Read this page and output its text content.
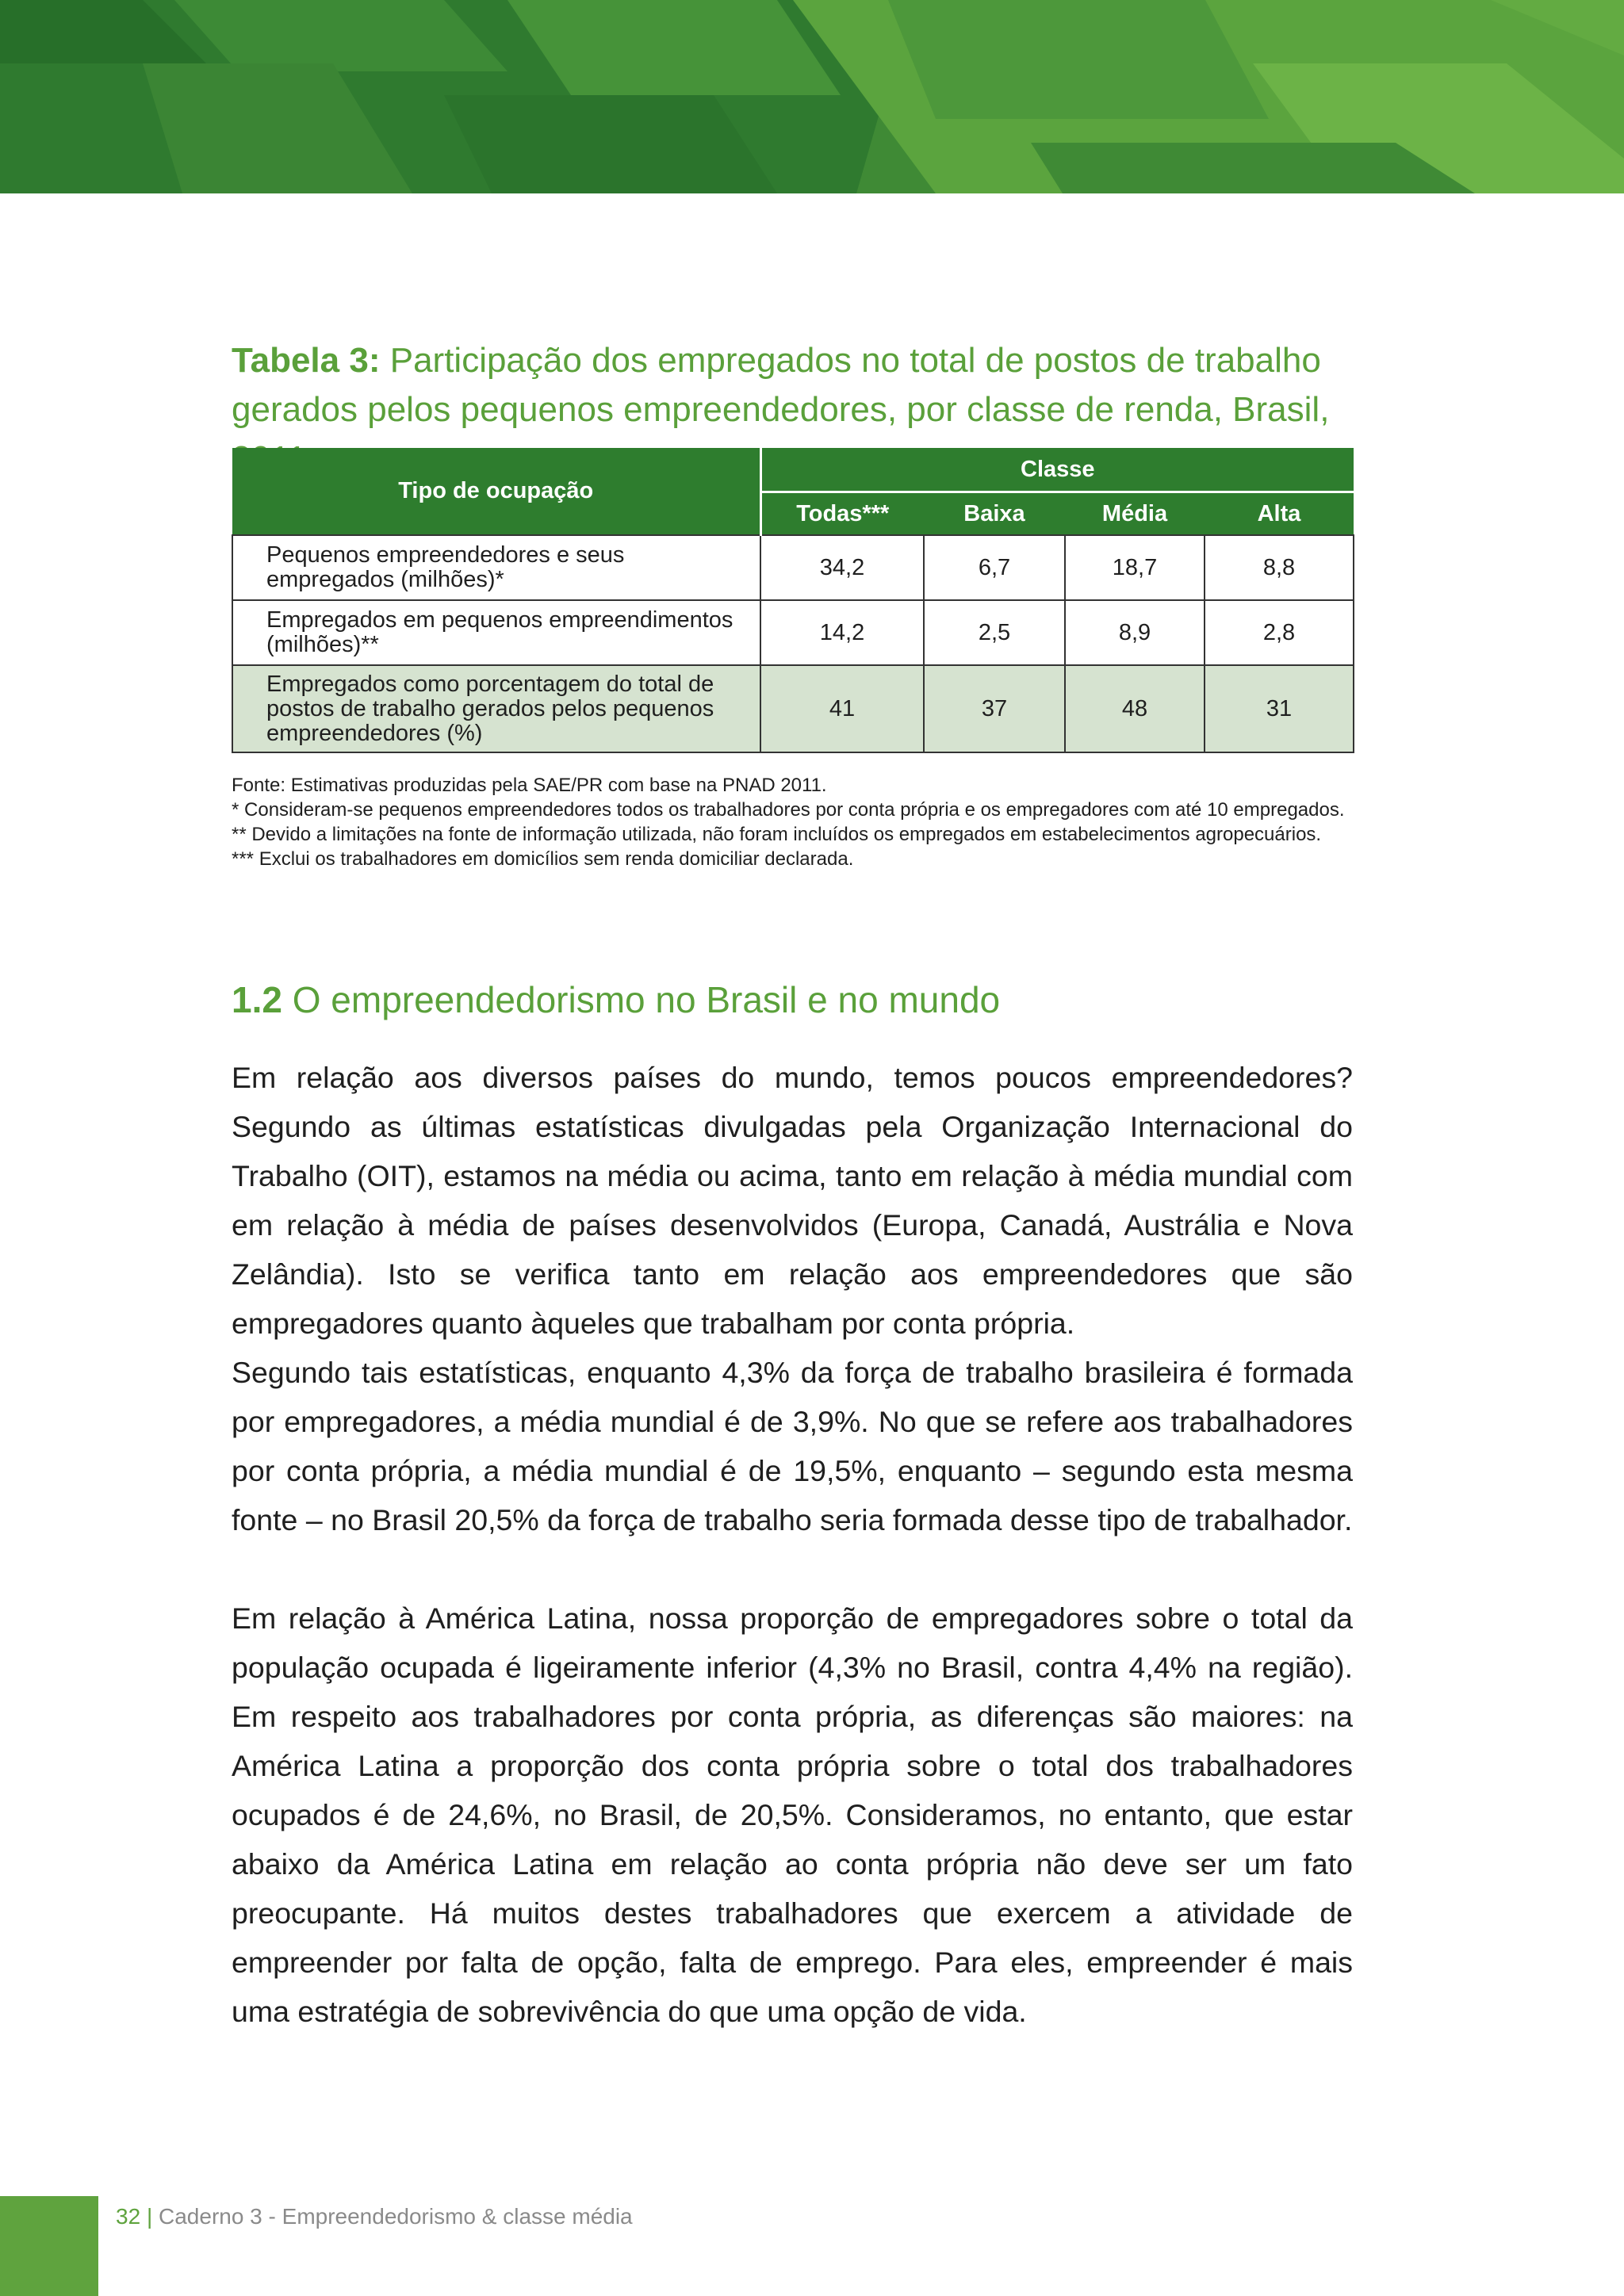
Tabela 3: Participação dos empregados no total de postos de trabalho gerados pelos pequenos empreendedores, por classe de renda, Brasil,
Tipo de ocupação	Classe			
	Todas***	Baixa	Média	Alta
Pequenos empreendedores e seus empregados (milhões)*	34,2	6,7	18,7	8,8
Empregados em pequenos empreendimentos (milhões)**	14,2	2,5	8,9	2,8
Empregados como porcentagem do total de postos de trabalho gerados pelos pequenos empreendedores (%)	41	37	48	31
Fonte: Estimativas produzidas pela SAE/PR com base na PNAD 2011.
* Consideram-se pequenos empreendedores todos os trabalhadores por conta própria e os empregadores com até 10 empregados.
** Devido a limitações na fonte de informação utilizada, não foram incluídos os empregados em estabelecimentos agropecuários.
*** Exclui os trabalhadores em domicílios sem renda domiciliar declarada.
1.2 O empreendedorismo no Brasil e no mundo

Em relação aos diversos países do mundo, temos poucos empreendedores? Segundo as últimas estatísticas divulgadas pela Organização Internacional do Trabalho (OIT), estamos na média ou acima, tanto em relação à média mundial com em relação à média de países desenvolvidos (Europa, Canadá, Austrália e Nova Zelândia). Isto se verifica tanto em relação aos empreendedores que são empregadores quanto àqueles que trabalham por conta própria.

Segundo tais estatísticas, enquanto 4,3% da força de trabalho brasileira é formada por empregadores, a média mundial é de 3,9%. No que se refere aos trabalhadores por conta própria, a média mundial é de 19,5%, enquanto – segundo esta mesma fonte – no Brasil 20,5% da força de trabalho seria formada desse tipo de trabalhador.

Em relação à América Latina, nossa proporção de empregadores sobre o total da população ocupada é ligeiramente inferior (4,3% no Brasil, contra 4,4% na região). Em respeito aos trabalhadores por conta própria, as diferenças são maiores: na América Latina a proporção dos conta própria sobre o total dos trabalhadores ocupados é de 24,6%, no Brasil, de 20,5%. Consideramos, no entanto, que estar abaixo da América Latina em relação ao conta própria não deve ser um fato preocupante. Há muitos destes trabalhadores que exercem a atividade de empreender por falta de opção, falta de emprego. Para eles, empreender é mais uma estratégia de sobrevivência do que uma opção de vida.

32 | Caderno 3 - Empreendedorismo & classe média
